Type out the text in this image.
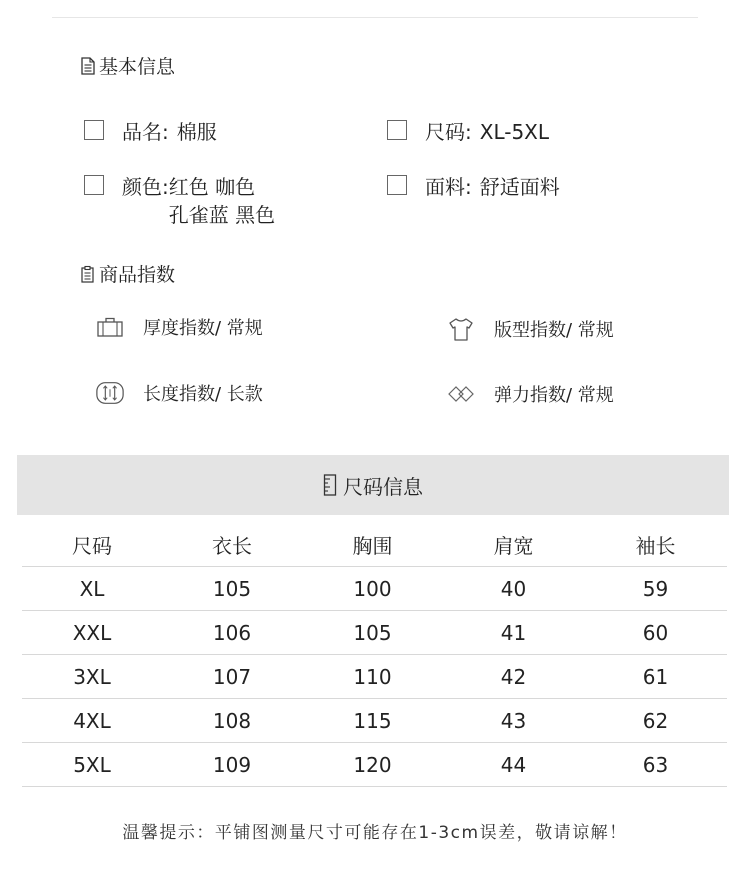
基本信息
品名: 棉服	尺码: XL-5XL
颜色: 红色 咖色
孔雀蓝 黑色
面料: 舒适面料
商品指数
厚度指数/ 常规	版型指数/ 常规
长度指数/ 长款	弹力指数/ 常规
尺码信息
尺码	衣长	胸围	肩宽	袖长
XL	105	100	40	59
XXL	106	105	41	60
3XL	107	110	42	61
4XL	108	115	43	62
5XL	109	120	44	63
温馨提示：平铺图测量尺寸可能存在1-3cm误差，敬请谅解！
